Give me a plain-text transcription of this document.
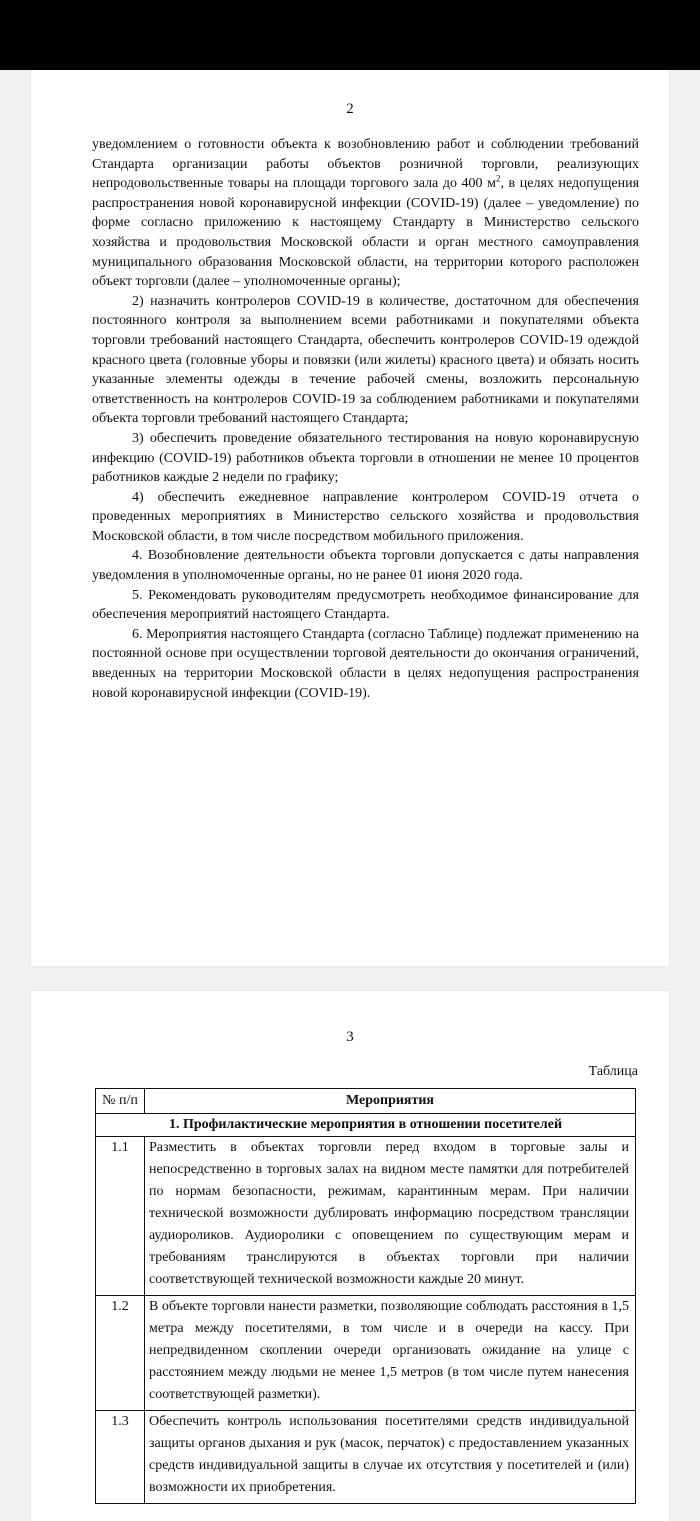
2

уведомлением о готовности объекта к возобновлению работ и соблюдении требований Стандарта организации работы объектов розничной торговли, реализующих непродовольственные товары на площади торгового зала до 400 $м^2$, в целях недопущения распространения новой коронавирусной инфекции (COVID-19) (далее – уведомление) по форме согласно приложению к настоящему Стандарту в Министерство сельского хозяйства и продовольствия Московской области и орган местного самоуправления муниципального образования Московской области, на территории которого расположен объект торговли (далее – уполномоченные органы);

2) назначить контролеров COVID-19 в количестве, достаточном для обеспечения постоянного контроля за выполнением всеми работниками и покупателями объекта торговли требований настоящего Стандарта, обеспечить контролеров COVID-19 одеждой красного цвета (головные уборы и повязки (или жилеты) красного цвета) и обязать носить указанные элементы одежды в течение рабочей смены, возложить персональную ответственность на контролеров COVID-19 за соблюдением работниками и покупателями объекта торговли требований настоящего Стандарта;

3) обеспечить проведение обязательного тестирования на новую коронавирусную инфекцию (COVID-19) работников объекта торговли в отношении не менее 10 процентов работников каждые 2 недели по графику;

4) обеспечить ежедневное направление контролером COVID-19 отчета о проведенных мероприятиях в Министерство сельского хозяйства и продовольствия Московской области, в том числе посредством мобильного приложения.

4. Возобновление деятельности объекта торговли допускается с даты направления уведомления в уполномоченные органы, но не ранее 01 июня 2020 года.

5. Рекомендовать руководителям предусмотреть необходимое финансирование для обеспечения мероприятий настоящего Стандарта.

6. Мероприятия настоящего Стандарта (согласно Таблице) подлежат применению на постоянной основе при осуществлении торговой деятельности до окончания ограничений, введенных на территории Московской области в целях недопущения распространения новой коронавирусной инфекции (COVID-19).

3
Таблица
№ п/п	Мероприятия
1. Профилактические мероприятия в отношении посетителей	
1.1	Разместить в объектах торговли перед входом в торговые залы и непосредственно в торговых залах на видном месте памятки для потребителей по нормам безопасности, режимам, карантинным мерам. При наличии технической возможности дублировать информацию посредством трансляции аудиороликов. Аудиоролики с оповещением по существующим мерам и требованиям транслируются в объектах торговли при наличии соответствующей технической возможности каждые 20 минут.
1.2	В объекте торговли нанести разметки, позволяющие соблюдать расстояния в 1,5 метра между посетителями, в том числе и в очереди на кассу. При непредвиденном скоплении очереди организовать ожидание на улице с расстоянием между людьми не менее 1,5 метров (в том числе путем нанесения соответствующей разметки).
1.3	Обеспечить контроль использования посетителями средств индивидуальной защиты органов дыхания и рук (масок, перчаток) с предоставлением указанных средств индивидуальной защиты в случае их отсутствия у посетителей и (или) возможности их приобретения.
